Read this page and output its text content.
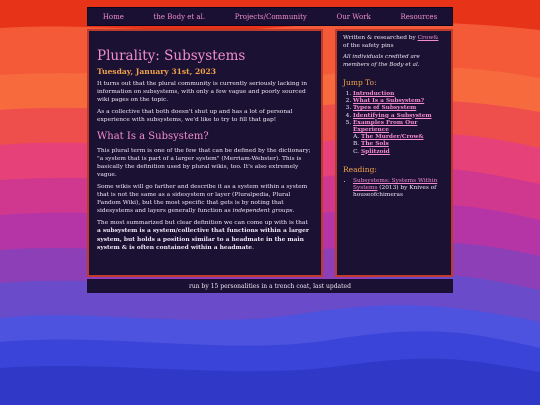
Home	the Body et al.	Projects/Community	Our Work	Resources
Plurality: Subsystems
Tuesday, January 31st, 2023

It turns out that the plural community is currently seriously lacking in information on subsystems, with only a few vague and poorly sourced wiki pages on the topic.

As a collective that both doesn't shut up and has a lot of personal experience with subsystems, we'd like to try to fill that gap!

What Is a Subsystem?

This plural term is one of the few that can be defined by the dictionary; "a system that is part of a larger system" (Merriam-Webster). This is basically the definition used by plural wikis, too. It's also extremely vague.

Some wikis will go farther and describe it as a system within a system that is not the same as a sidesystem or layer (Pluralpedia, Plural Fandom Wiki), but the most specific that gets is by noting that sidesystems and layers generally function as independent groups.

The most summarized but clear definition we can come up with is that a subsystem is a system/collective that functions within a larger system, but holds a position similar to a headmate in the main system & is often contained within a headmate.

Written & researched by Crow&
of the safety pins

All individuals credited are members of the Body et al.

Jump To:
1. Introduction
2. What Is a Subsystem?
3. Types of Subsystem
4. Identifying a Subsystem
5. Examples From Our Experience
A. The Murder/Crow&
B. The Sols
C. Splitzoid
Reading:
• Subsystems: Systems Within Systems (2013) by Knives of houseofchimeras
run by 15 personalities in a trench coat, last updated
